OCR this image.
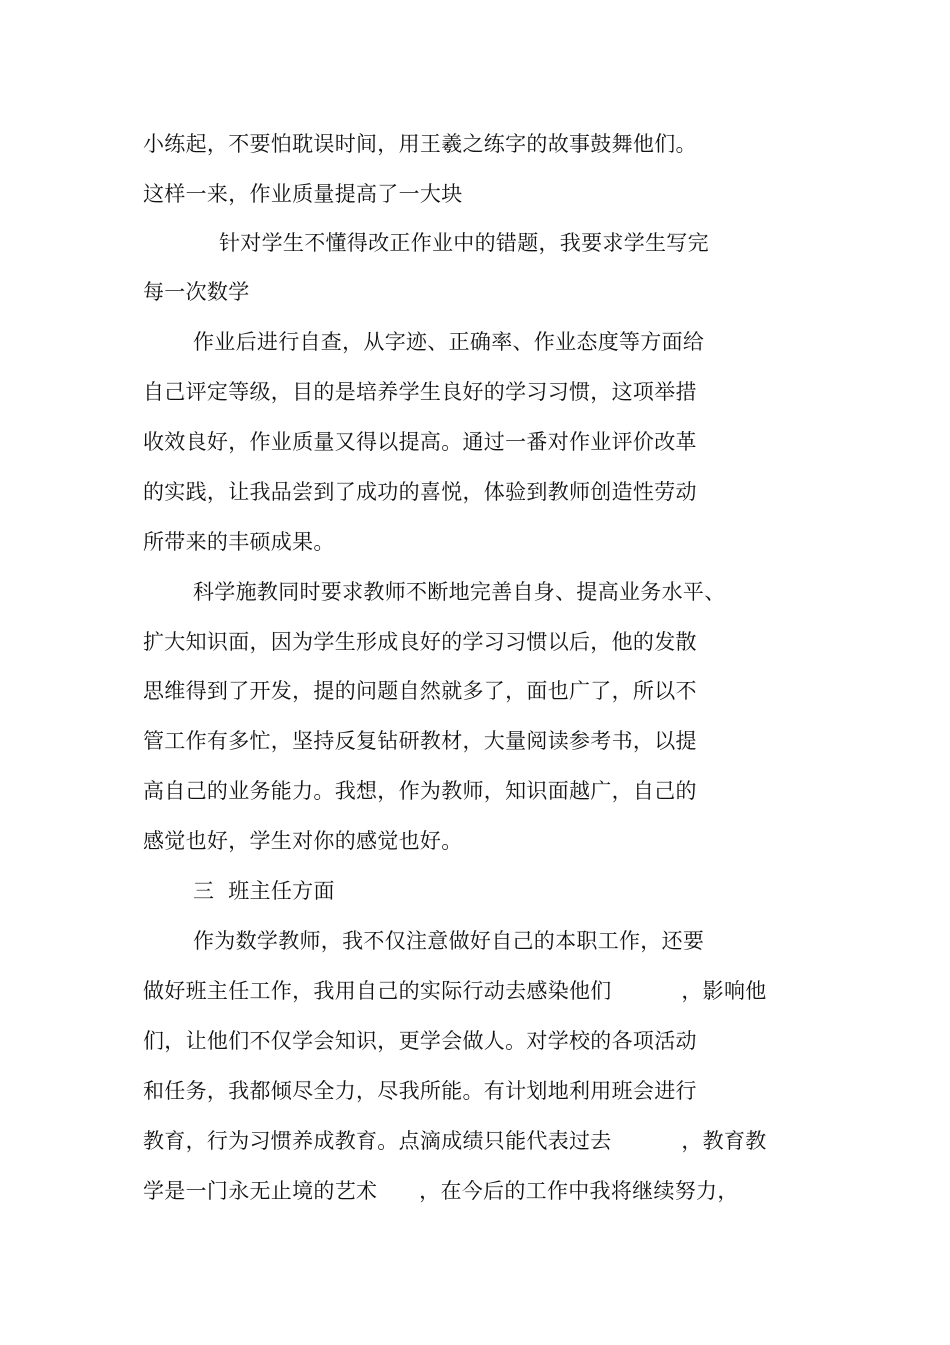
小练起，不要怕耽误时间，用王羲之练字的故事鼓舞他们。
这样一来，作业质量提高了一大块
针对学生不懂得改正作业中的错题，我要求学生写完
每一次数学
作业后进行自查，从字迹、正确率、作业态度等方面给
自己评定等级，目的是培养学生良好的学习习惯，这项举措
收效良好，作业质量又得以提高。通过一番对作业评价改革
的实践，让我品尝到了成功的喜悦，体验到教师创造性劳动
所带来的丰硕成果。
科学施教同时要求教师不断地完善自身、提高业务水平、
扩大知识面，因为学生形成良好的学习习惯以后，他的发散
思维得到了开发，提的问题自然就多了，面也广了，所以不
管工作有多忙，坚持反复钻研教材，大量阅读参考书，以提
高自己的业务能力。我想，作为教师，知识面越广，自己的
感觉也好，学生对你的感觉也好。
三  班主任方面
作为数学教师，我不仅注意做好自己的本职工作，还要
做好班主任工作，我用自己的实际行动去感染他们          ，影响他
们，让他们不仅学会知识，更学会做人。对学校的各项活动
和任务，我都倾尽全力，尽我所能。有计划地利用班会进行
教育，行为习惯养成教育。点滴成绩只能代表过去          ，教育教
学是一门永无止境的艺术      ，在今后的工作中我将继续努力，
